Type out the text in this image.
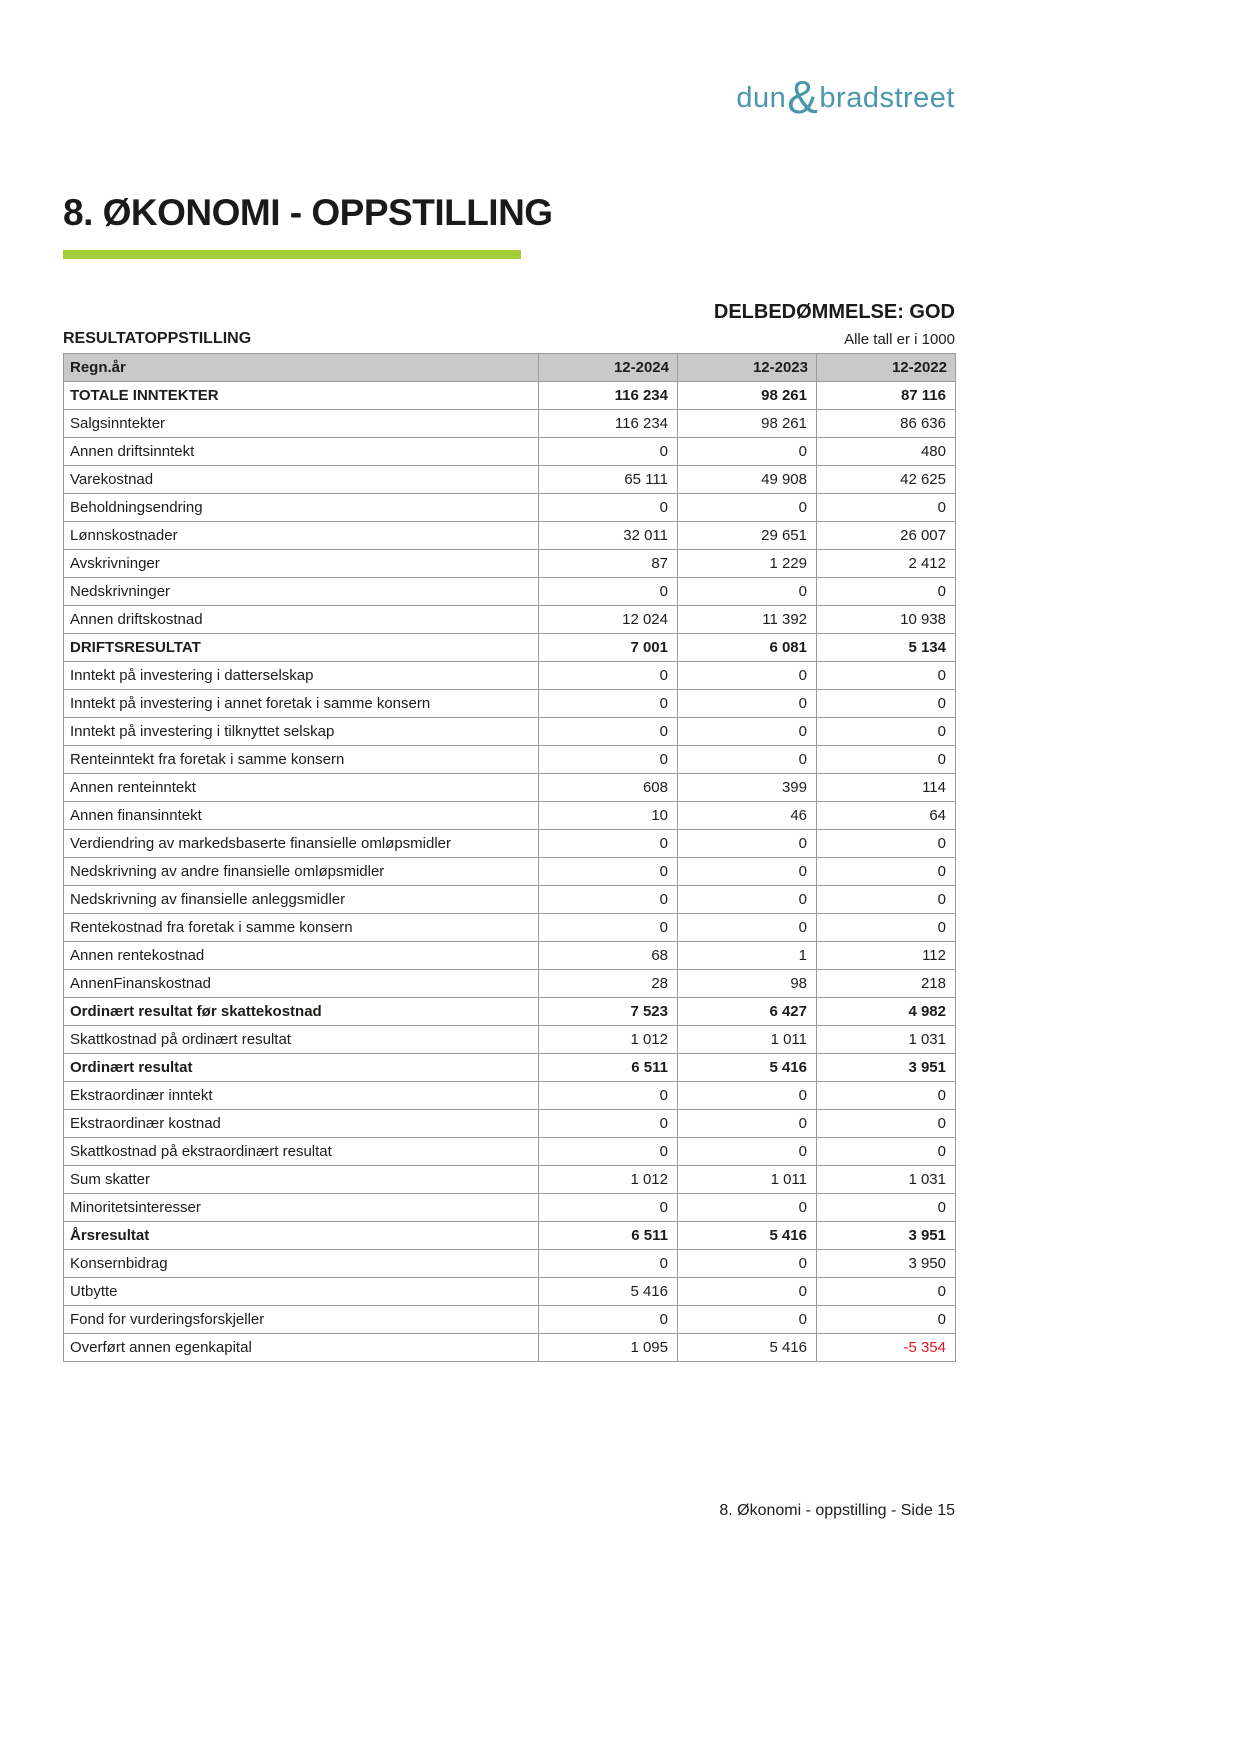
dun&bradstreet
8. ØKONOMI - OPPSTILLING
DELBEDØMMELSE: GOD
RESULTATOPPSTILLING	Alle tall er i 1000
Regn.år	12-2024	12-2023	12-2022
TOTALE INNTEKTER	116 234	98 261	87 116
Salgsinntekter	116 234	98 261	86 636
Annen driftsinntekt	0	0	480
Varekostnad	65 111	49 908	42 625
Beholdningsendring	0	0	0
Lønnskostnader	32 011	29 651	26 007
Avskrivninger	87	1 229	2 412
Nedskrivninger	0	0	0
Annen driftskostnad	12 024	11 392	10 938
DRIFTSRESULTAT	7 001	6 081	5 134
Inntekt på investering i datterselskap	0	0	0
Inntekt på investering i annet foretak i samme konsern	0	0	0
Inntekt på investering i tilknyttet selskap	0	0	0
Renteinntekt fra foretak i samme konsern	0	0	0
Annen renteinntekt	608	399	114
Annen finansinntekt	10	46	64
Verdiendring av markedsbaserte finansielle omløpsmidler	0	0	0
Nedskrivning av andre finansielle omløpsmidler	0	0	0
Nedskrivning av finansielle anleggsmidler	0	0	0
Rentekostnad fra foretak i samme konsern	0	0	0
Annen rentekostnad	68	1	112
AnnenFinanskostnad	28	98	218
Ordinært resultat før skattekostnad	7 523	6 427	4 982
Skattkostnad på ordinært resultat	1 012	1 011	1 031
Ordinært resultat	6 511	5 416	3 951
Ekstraordinær inntekt	0	0	0
Ekstraordinær kostnad	0	0	0
Skattkostnad på ekstraordinært resultat	0	0	0
Sum skatter	1 012	1 011	1 031
Minoritetsinteresser	0	0	0
Årsresultat	6 511	5 416	3 951
Konsernbidrag	0	0	3 950
Utbytte	5 416	0	0
Fond for vurderingsforskjeller	0	0	0
Overført annen egenkapital	1 095	5 416	-5 354
8. Økonomi - oppstilling - Side 15
